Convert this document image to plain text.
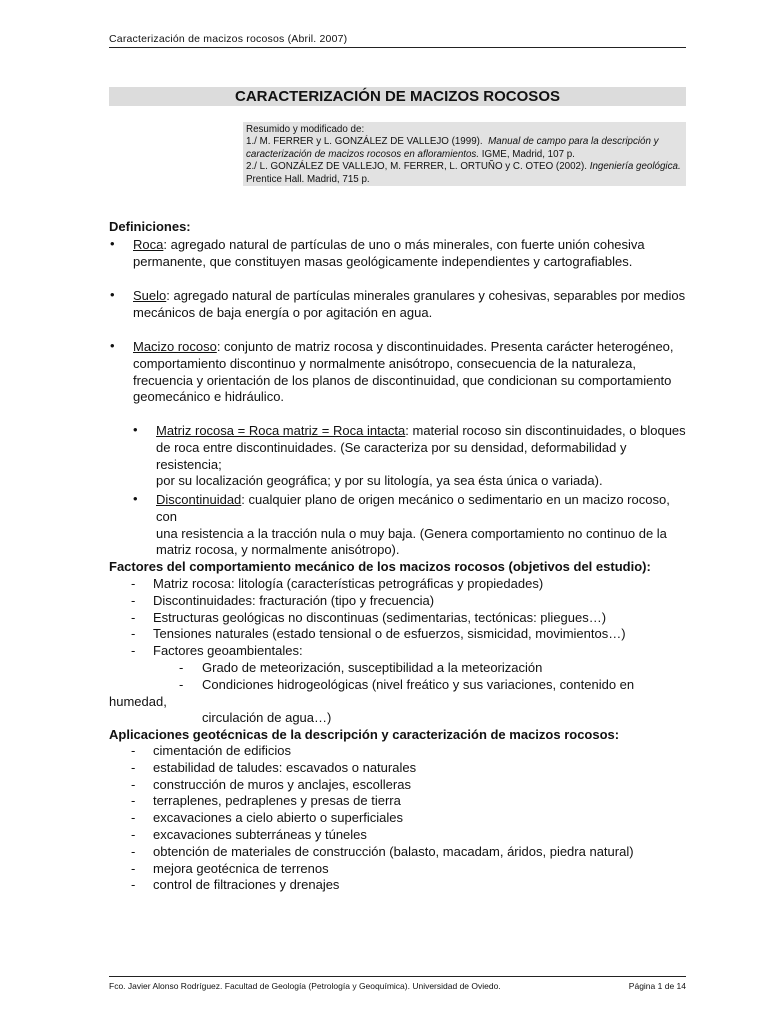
Caracterización de macizos rocosos (Abril. 2007)
CARACTERIZACIÓN DE MACIZOS ROCOSOS

Resumido y modificado de:

1./ M. FERRER y L. GONZÁLEZ DE VALLEJO (1999). Manual de campo para la descripción y

caracterización de macizos rocosos en afloramientos. IGME, Madrid, 107 p.

2./ L. GONZÁLEZ DE VALLEJO, M. FERRER, L. ORTUÑO y C. OTEO (2002). Ingeniería geológica.

Prentice Hall. Madrid, 715 p.

Definiciones:
• Roca: agregado natural de partículas de uno o más minerales, con fuerte unión cohesiva
permanente, que constituyen masas geológicamente independientes y cartografiables.
• Suelo: agregado natural de partículas minerales granulares y cohesivas, separables por medios
mecánicos de baja energía o por agitación en agua.
• Macizo rocoso: conjunto de matriz rocosa y discontinuidades. Presenta carácter heterogéneo,
comportamiento discontinuo y normalmente anisótropo, consecuencia de la naturaleza,
frecuencia y orientación de los planos de discontinuidad, que condicionan su comportamiento
geomecánico e hidráulico.
• Matriz rocosa = Roca matriz = Roca intacta: material rocoso sin discontinuidades, o bloques
de roca entre discontinuidades. (Se caracteriza por su densidad, deformabilidad y resistencia;
por su localización geográfica; y por su litología, ya sea ésta única o variada).
• Discontinuidad: cualquier plano de origen mecánico o sedimentario en un macizo rocoso, con
una resistencia a la tracción nula o muy baja. (Genera comportamiento no continuo de la
matriz rocosa, y normalmente anisótropo).
Factores del comportamiento mecánico de los macizos rocosos (objetivos del estudio):
- Matriz rocosa: litología (características petrográficas y propiedades)
- Discontinuidades: fracturación (tipo y frecuencia)
- Estructuras geológicas no discontinuas (sedimentarias, tectónicas: pliegues…)
- Tensiones naturales (estado tensional o de esfuerzos, sismicidad, movimientos…)
- Factores geoambientales:
- Grado de meteorización, susceptibilidad a la meteorización
- Condiciones hidrogeológicas (nivel freático y sus variaciones, contenido en humedad,
circulación de agua…)
Aplicaciones geotécnicas de la descripción y caracterización de macizos rocosos:
- cimentación de edificios
- estabilidad de taludes: escavados o naturales
- construcción de muros y anclajes, escolleras
- terraplenes, pedraplenes y presas de tierra
- excavaciones a cielo abierto o superficiales
- excavaciones subterráneas y túneles
- obtención de materiales de construcción (balasto, macadam, áridos, piedra natural)
- mejora geotécnica de terrenos
- control de filtraciones y drenajes
Fco. Javier Alonso Rodríguez. Facultad de Geología (Petrología y Geoquímica). Universidad de Oviedo.	Página 1 de 14
